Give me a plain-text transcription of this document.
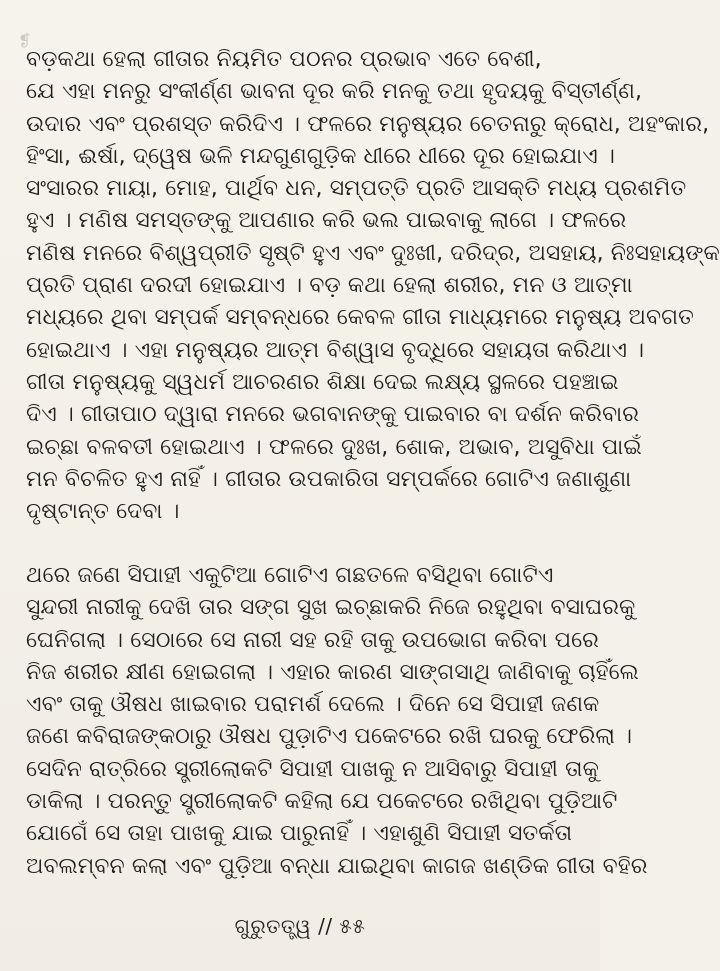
❡
ବଡ଼କଥା ହେଲା ଗୀତାର ନିୟମିତ ପଠନର ପ୍ରଭାବ ଏତେ ବେଶୀ,
ଯେ ଏହା ମନରୁ ସଂକୀର୍ଣ୍ଣ ଭାବନା ଦୂର କରି ମନକୁ ତଥା ହୃଦୟକୁ ବିସ୍ତୀର୍ଣ୍ଣ,
ଉଦାର ଏବଂ ପ୍ରଶସ୍ତ କରିଦିଏ । ଫଳରେ ମନୁଷ୍ୟର ଚେତନାରୁ କ୍ରୋଧ, ଅହଂକାର,
ହିଂସା, ଈର୍ଷା, ଦ୍ୱେଷ ଭଳି ମନ୍ଦଗୁଣଗୁଡ଼ିକ ଧୀରେ ଧୀରେ ଦୂର ହୋଇଯାଏ ।
ସଂସାରର ମାୟା, ମୋହ, ପାର୍ଥିବ ଧନ, ସମ୍ପତ୍ତି ପ୍ରତି ଆସକ୍ତି ମଧ୍ୟ ପ୍ରଶମିତ
ହୁଏ । ମଣିଷ ସମସ୍ତଙ୍କୁ ଆପଣାର କରି ଭଲ ପାଇବାକୁ ଲାଗେ । ଫଳରେ
ମଣିଷ ମନରେ ବିଶ୍ୱପ୍ରୀତି ସୃଷ୍ଟି ହୁଏ ଏବଂ ଦୁଃଖୀ, ଦରିଦ୍ର, ଅସହାୟ, ନିଃସହାୟଙ୍କ
ପ୍ରତି ପ୍ରାଣ ଦରଦୀ ହୋଇଯାଏ । ବଡ଼ କଥା ହେଲା ଶରୀର, ମନ ଓ ଆତ୍ମା
ମଧ୍ୟରେ ଥିବା ସମ୍ପର୍କ ସମ୍ବନ୍ଧରେ କେବଳ ଗୀତା ମାଧ୍ୟମରେ ମନୁଷ୍ୟ ଅବଗତ
ହୋଇଥାଏ । ଏହା ମନୁଷ୍ୟର ଆତ୍ମ ବିଶ୍ୱାସ ବୃଦ୍ଧିରେ ସହାୟତା କରିଥାଏ ।
ଗୀତା ମନୁଷ୍ୟକୁ ସ୍ୱଧର୍ମ ଆଚରଣର ଶିକ୍ଷା ଦେଇ ଲକ୍ଷ୍ୟ ସ୍ଥଳରେ ପହଞ୍ଚାଇ
ଦିଏ । ଗୀତାପାଠ ଦ୍ୱାରା ମନରେ ଭଗବାନଙ୍କୁ ପାଇବାର ବା ଦର୍ଶନ କରିବାର
ଇଚ୍ଛା ବଳବତୀ ହୋଇଥାଏ । ଫଳରେ ଦୁଃଖ, ଶୋକ, ଅଭାବ, ଅସୁବିଧା ପାଇଁ
ମନ ବିଚଳିତ ହୁଏ ନାହିଁ । ଗୀତାର ଉପକାରିତା ସମ୍ପର୍କରେ ଗୋଟିଏ ଜଣାଶୁଣା
ଦୃଷ୍ଟାନ୍ତ ଦେବା ।
ଥରେ ଜଣେ ସିପାହୀ ଏକୁଟିଆ ଗୋଟିଏ ଗଛତଳେ ବସିଥିବା ଗୋଟିଏ
ସୁନ୍ଦରୀ ନାରୀକୁ ଦେଖି ତାର ସଙ୍ଗ ସୁଖ ଇଚ୍ଛାକରି ନିଜେ ରହୁଥିବା ବସାଘରକୁ
ଘେନିଗଲା । ସେଠାରେ ସେ ନାରୀ ସହ ରହି ତାକୁ ଉପଭୋଗ କରିବା ପରେ
ନିଜ ଶରୀର କ୍ଷୀଣ ହୋଇଗଲା । ଏହାର କାରଣ ସାଙ୍ଗସାଥି ଜାଣିବାକୁ ଚାହିଁଲେ
ଏବଂ ତାକୁ ଔଷଧ ଖାଇବାର ପରାମର୍ଶ ଦେଲେ । ଦିନେ ସେ ସିପାହୀ ଜଣକ
ଜଣେ କବିରାଜଙ୍କଠାରୁ ଔଷଧ ପୁଡ଼ାଟିଏ ପକେଟରେ ରଖି ଘରକୁ ଫେରିଲା ।
ସେଦିନ ରାତ୍ରିରେ ସ୍ତ୍ରୀଲୋକଟି ସିପାହୀ ପାଖକୁ ନ ଆସିବାରୁ ସିପାହୀ ତାକୁ
ଡାକିଲା । ପରନ୍ତୁ ସ୍ତ୍ରୀଲୋକଟି କହିଲା ଯେ ପକେଟରେ ରଖିଥିବା ପୁଡ଼ିଆଟି
ଯୋଗେଁ ସେ ତାହା ପାଖକୁ ଯାଇ ପାରୁନାହିଁ । ଏହାଶୁଣି ସିପାହୀ ସତର୍କତା
ଅବଲମ୍ବନ କଲା ଏବଂ ପୁଡ଼ିଆ ବନ୍ଧା ଯାଇଥିବା କାଗଜ ଖଣ୍ଡିକ ଗୀତା ବହିର
ଗୁରୁତତ୍ତ୍ୱ // ୫୫
